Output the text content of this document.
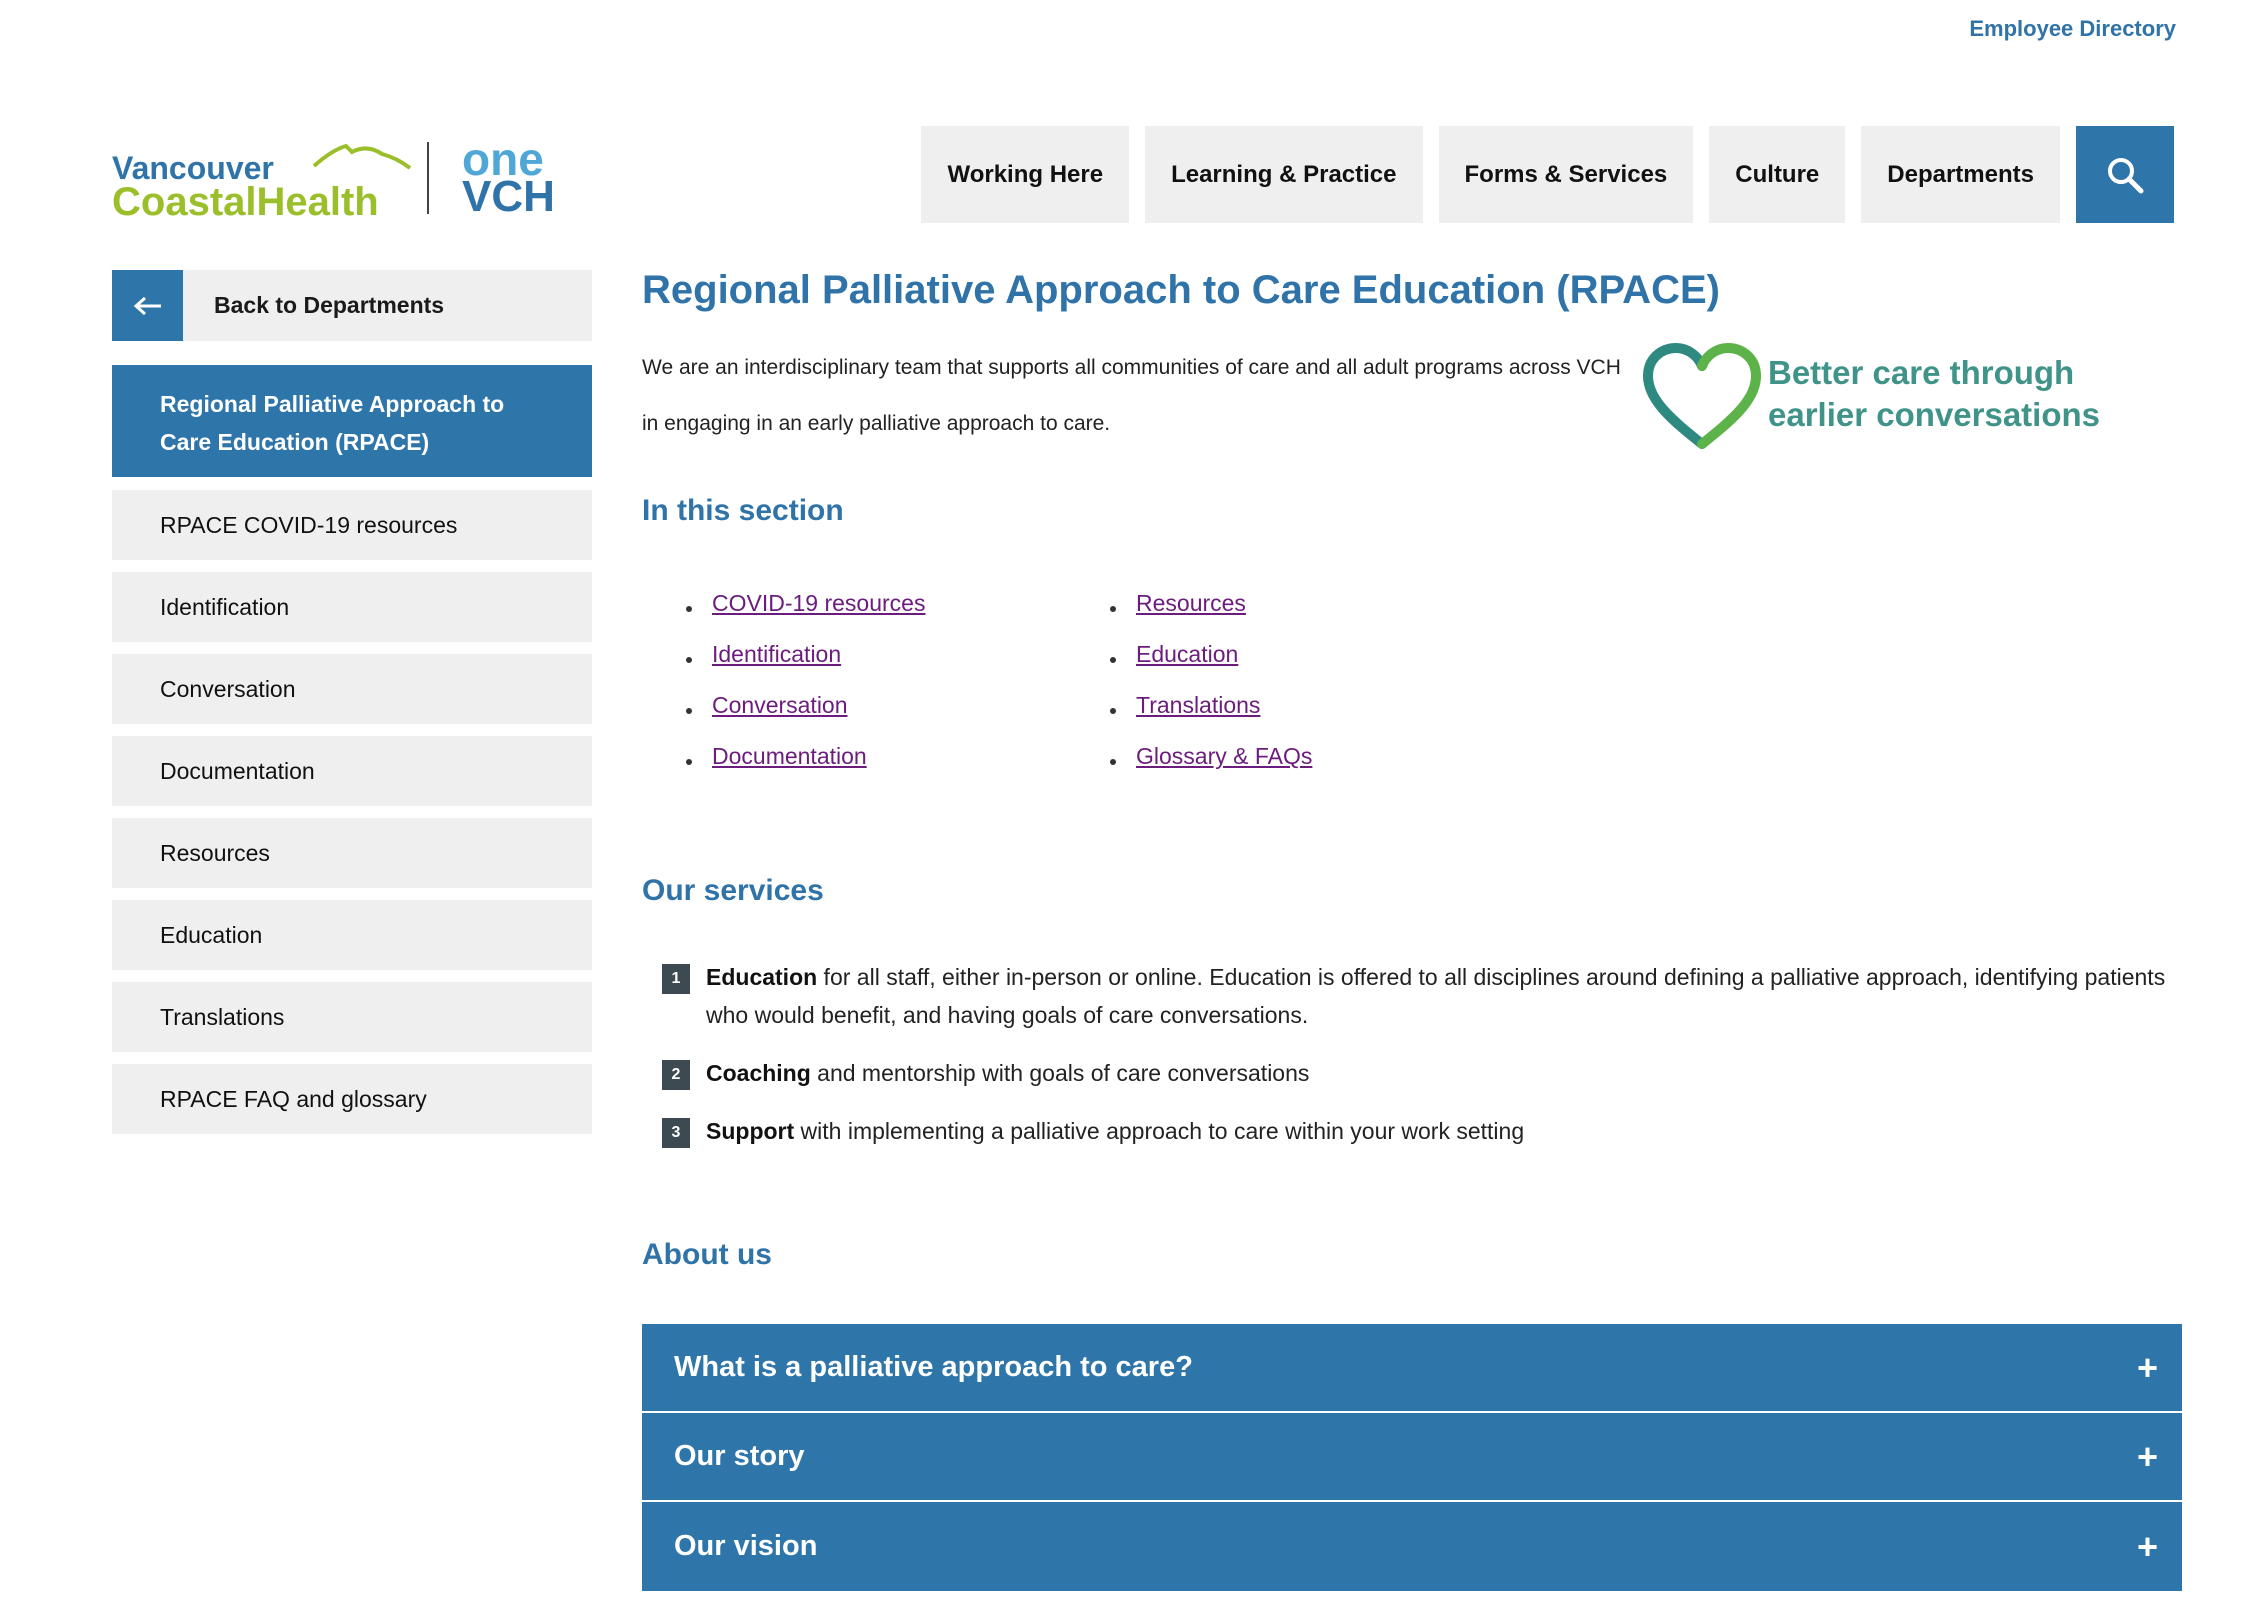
Employee Directory
Vancouver
CoastalHealth
one
VCH	Working Here	Learning & Practice	Forms & Services	Culture	Departments
Back to Departments
Regional Palliative Approach to Care Education (RPACE)
RPACE COVID-19 resources
Identification
Conversation
Documentation
Resources
Education
Translations
RPACE FAQ and glossary
Regional Palliative Approach to Care Education (RPACE)

We are an interdisciplinary team that supports all communities of care and all adult programs across VCH in engaging in an early palliative approach to care.

Better care through
earlier conversations
In this section
COVID-19 resources	Resources
Identification	Education
Conversation	Translations
Documentation	Glossary & FAQs
Our services
1	Education for all staff, either in-person or online. Education is offered to all disciplines around defining a palliative approach, identifying patients who would benefit, and having goals of care conversations.
2	Coaching and mentorship with goals of care conversations
3	Support with implementing a palliative approach to care within your work setting
About us
What is a palliative approach to care?	+
Our story	+
Our vision	+
